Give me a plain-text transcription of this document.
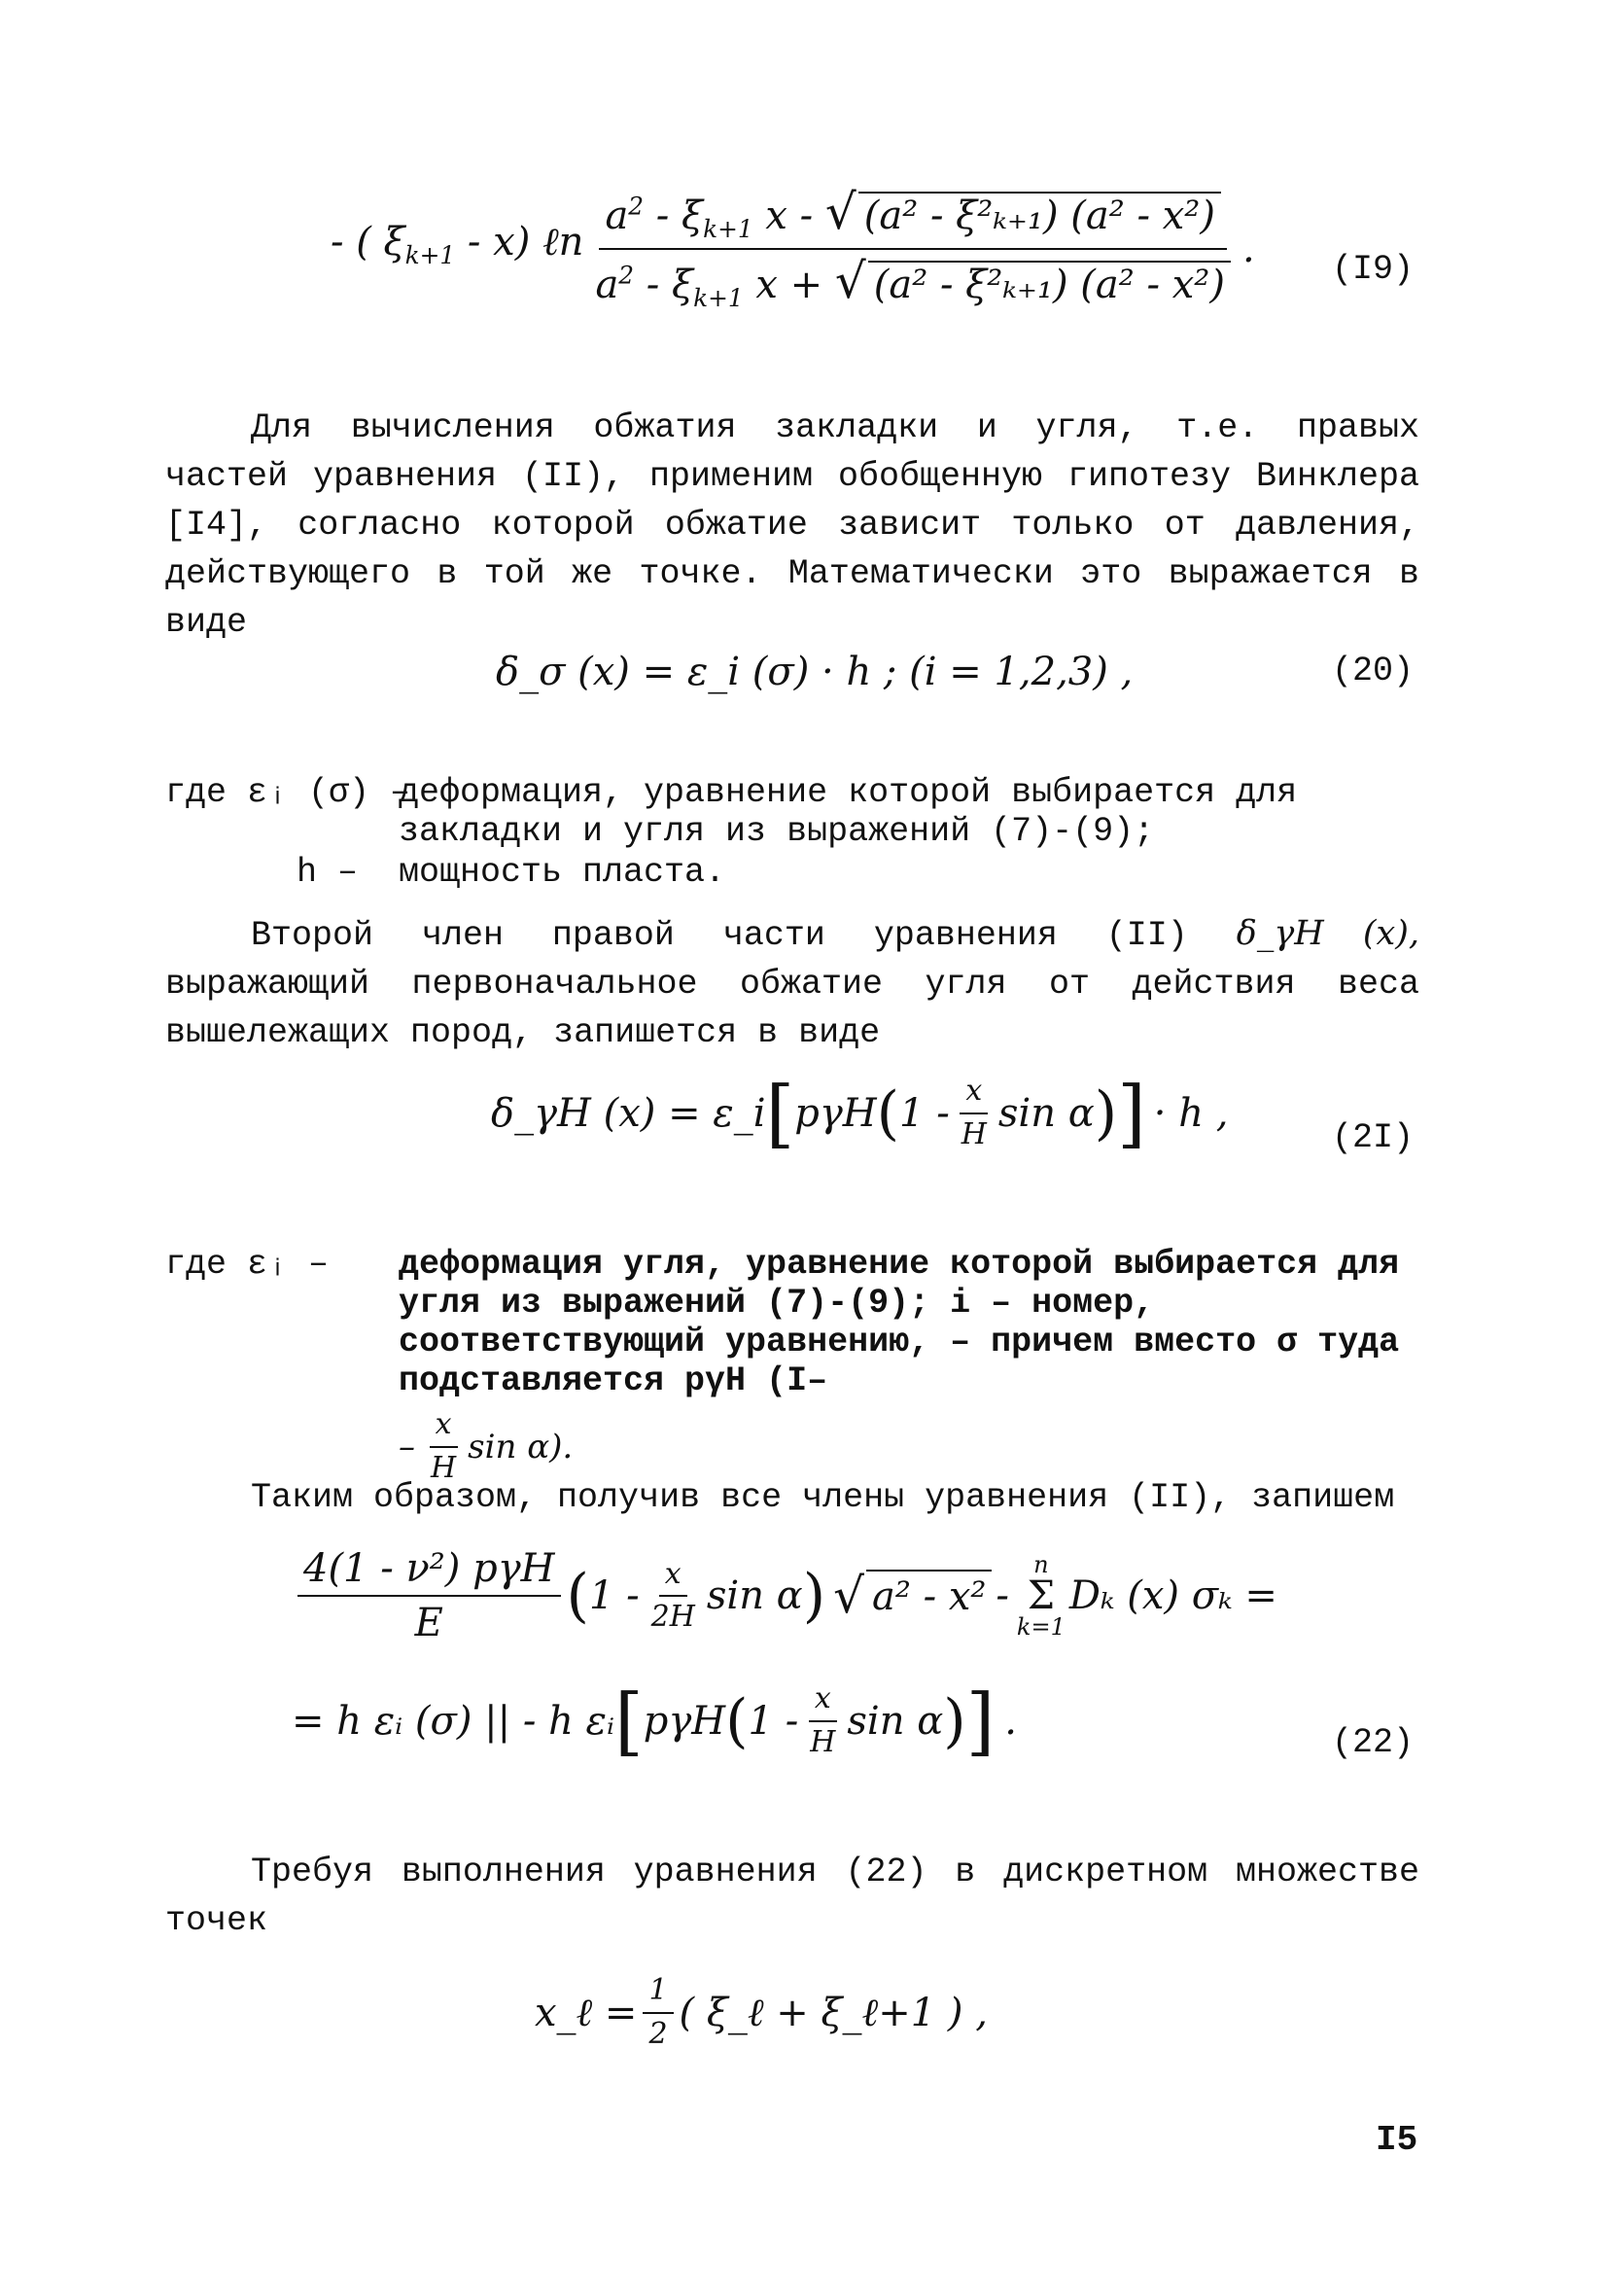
- ( $\xi_{k+1} - x$) ℓn $\frac{a^2 - \xi_{k+1} x - √ (a^2 - \xi^2_{k+1}) (a^2 - x^2)}{a^2 - \xi_{k+1} x + √ (a^2 - \xi^2_{k+1}) (a^2 - x^2)}$ . (I9)
Для вычисления обжатия закладки и угля, т.е. правых частей уравнения (II), применим обобщенную гипотезу Винклера [I4], согласно которой обжатие зависит только от давления, действующего в той же точке. Математически это выражается в виде
δ_σ (x) = ε_i (σ) · h ; (i = 1,2,3) ,	(20)
где εᵢ (σ) –
деформация, уравнение которой выбирается для закладки и угля из выражений (7)-(9);
h – мощность пласта.
Второй член правой части уравнения (II) δ_γH (x), выражающий первоначальное обжатие угля от действия веса вышележащих пород, запишется в виде
δ_γH (x) = ε_i [ pγH ( $1 - \frac{x}{H}$ sin α ) ] · h ,
(2I)
где εᵢ – деформация угля, уравнение которой выбирается для угля из выражений (7)-(9); i – номер, соответствующий уравнению, – причем вместо σ туда подставляется pγH (I–

– $\frac{x}{H}$ sin α).
Таким образом, получив все члены уравнения (II), запишем
$\frac{\text{4(1 - ν²) pγH}}{E}$ ( $1 - \frac{x}{2H}$ sin α ) √ a² - x² -
n
Σ
k=1
Dₖ (x) σₖ =
= h εᵢ (σ) || - h εᵢ [ pγH ( $1 - \frac{x}{H}$ sin α ) ] .	(22)
Требуя выполнения уравнения (22) в дискретном множестве точек
x_ℓ = $\frac{1}{2}$ ( ξ_ℓ + ξ_ℓ+1 ) ,
I5
